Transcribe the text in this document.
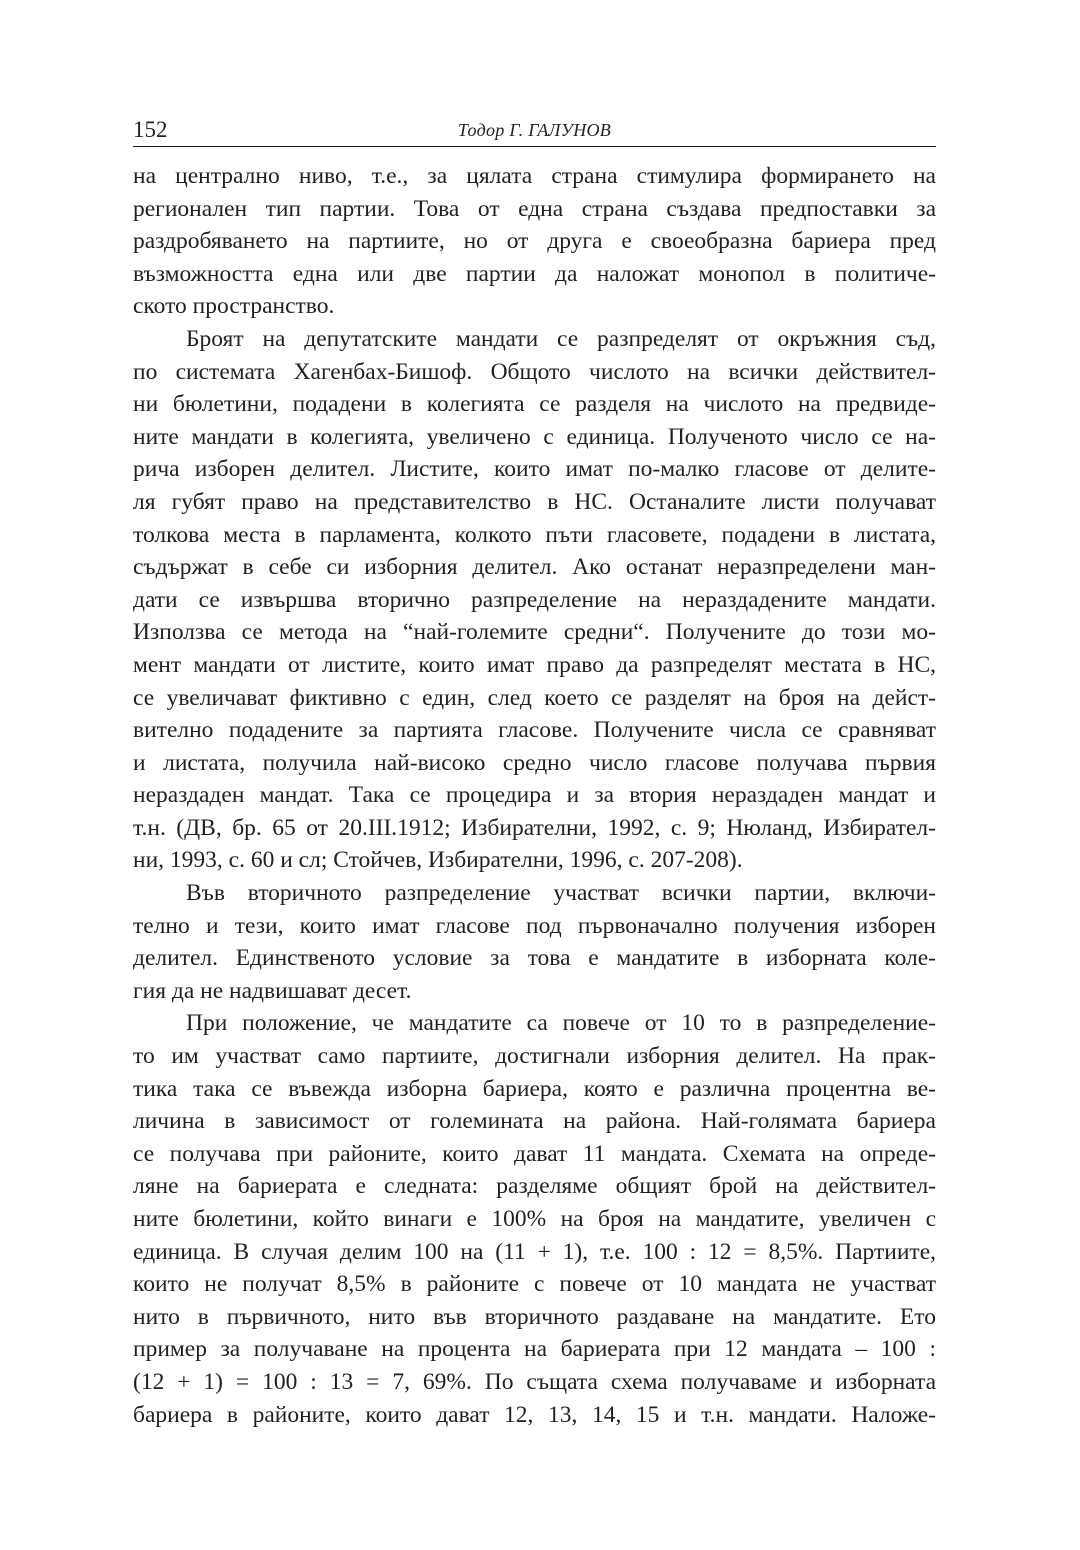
152	Тодор Г. ГАЛУНОВ
на централно ниво, т.е., за цялата страна стимулира формирането на
регионален тип партии. Това от една страна създава предпоставки за
раздробяването на партиите, но от друга е своеобразна бариера пред
възможността една или две партии да наложат монопол в политиче-
ското пространство.
Броят на депутатските мандати се разпределят от окръжния съд,
по системата Хагенбах-Бишоф. Общото числото на всички действител-
ни бюлетини, подадени в колегията се разделя на числото на предвиде-
ните мандати в колегията, увеличено с единица. Полученото число се на-
рича изборен делител. Листите, които имат по-малко гласове от делите-
ля губят право на представителство в НС. Останалите листи получават
толкова места в парламента, колкото пъти гласовете, подадени в листата,
съдържат в себе си изборния делител. Ако останат неразпределени ман-
дати се извършва вторично разпределение на нераздадените мандати.
Използва се метода на “най-големите средни“. Получените до този мо-
мент мандати от листите, които имат право да разпределят местата в НС,
се увеличават фиктивно с един, след което се разделят на броя на дейст-
вително подадените за партията гласове. Получените числа се сравняват
и листата, получила най-високо средно число гласове получава първия
нераздаден мандат. Така се процедира и за втория нераздаден мандат и
т.н. (ДВ, бр. 65 от 20.III.1912; Избирателни, 1992, с. 9; Нюланд, Избирател-
ни, 1993, с. 60 и сл; Стойчев, Избирателни, 1996, с. 207-208).
Във вторичното разпределение участват всички партии, включи-
телно и тези, които имат гласове под първоначално получения изборен
делител. Единственото условие за това е мандатите в изборната коле-
гия да не надвишават десет.
При положение, че мандатите са повече от 10 то в разпределение-
то им участват само партиите, достигнали изборния делител. На прак-
тика така се въвежда изборна бариера, която е различна процентна ве-
личина в зависимост от големината на района. Най-голямата бариера
се получава при районите, които дават 11 мандата. Схемата на опреде-
ляне на бариерата е следната: разделяме общият брой на действител-
ните бюлетини, който винаги е 100% на броя на мандатите, увеличен с
единица. В случая делим 100 на (11 + 1), т.е. 100 : 12 = 8,5%. Партиите,
които не получат 8,5% в районите с повече от 10 мандата не участват
нито в първичното, нито във вторичното раздаване на мандатите. Ето
пример за получаване на процента на бариерата при 12 мандата – 100 :
(12 + 1) = 100 : 13 = 7, 69%. По същата схема получаваме и изборната
бариера в районите, които дават 12, 13, 14, 15 и т.н. мандати. Наложе-
